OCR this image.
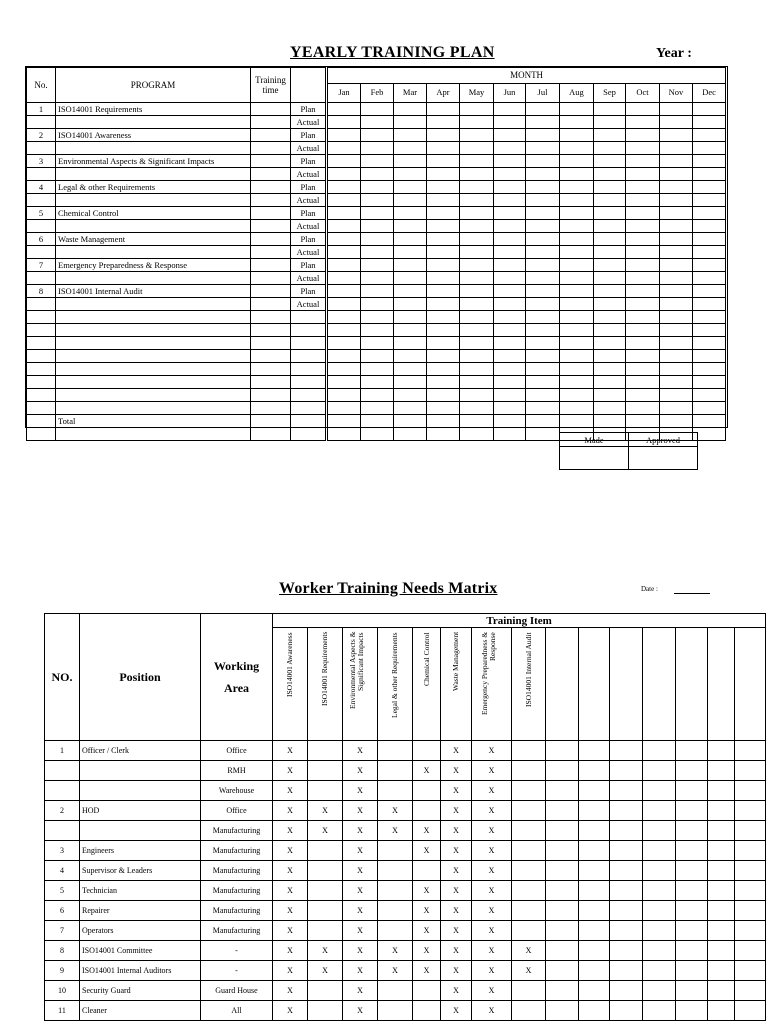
YEARLY TRAINING PLAN	Year :
No.	PROGRAM	Training time		MONTH											
				Jan	Feb	Mar	Apr	May	Jun	Jul	Aug	Sep	Oct	Nov	Dec
1	ISO14001 Requirements		Plan												
			Actual												
2	ISO14001 Awareness		Plan												
			Actual												
3	Environmental Aspects & Significant Impacts		Plan												
			Actual												
4	Legal & other Requirements		Plan												
			Actual												
5	Chemical Control		Plan												
			Actual												
6	Waste Management		Plan												
			Actual												
7	Emergency Preparedness & Response		Plan												
			Actual												
8	ISO14001 Internal Audit		Plan												
			Actual												

	Total														

Made	Approved

Worker Training Needs Matrix	Date :
NO.		Position	Working Area	Training Item														

			ISO14001 Awareness	ISO14001 Requirements	Environmental Aspects & Significant Impacts	Legal & other Requirements	Chemical Control	Waste Management	Emergency Preparedness & Response	ISO14001 Internal Audit							

1		Officer / Clerk	Office	X		X			X	X								
			RMH	X		X		X	X	X								
			Warehouse	X		X			X	X								
2		HOD	Office	X	X	X	X		X	X								
			Manufacturing	X	X	X	X	X	X	X								
3		Engineers	Manufacturing	X		X		X	X	X								
4		Supervisor & Leaders	Manufacturing	X		X			X	X								
5		Technician	Manufacturing	X		X		X	X	X								
6		Repairer	Manufacturing	X		X		X	X	X								
7		Operators	Manufacturing	X		X		X	X	X								
8		ISO14001 Committee	-	X	X	X	X	X	X	X	X							
9		ISO14001 Internal Auditors	-	X	X	X	X	X	X	X	X							
10		Security Guard	Guard House	X		X			X	X								
11		Cleaner	All	X		X			X	X								
